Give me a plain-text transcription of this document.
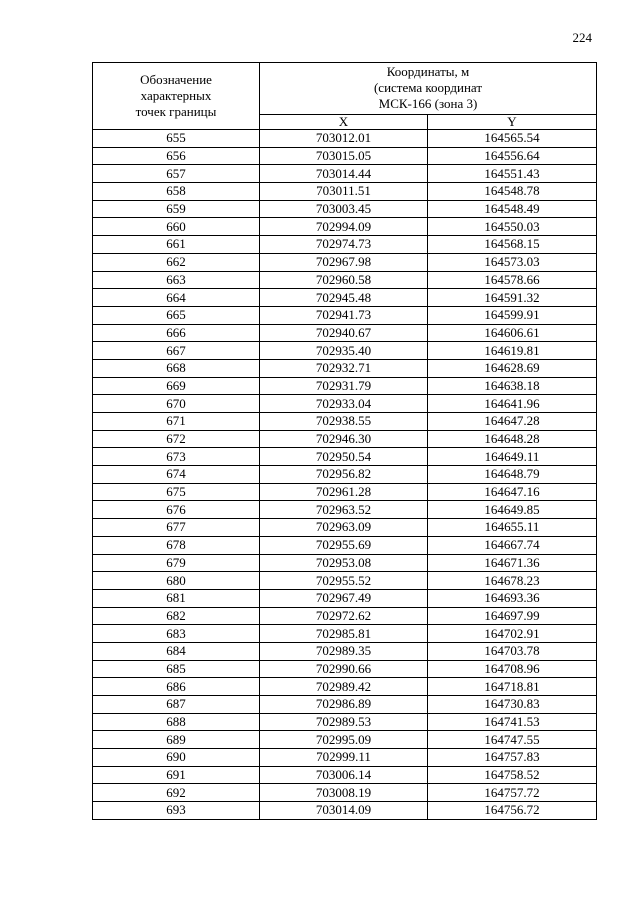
224
Обозначение
характерных
точек границы	Координаты, м
(система координат
МСК-166 (зона 3)	

	X	Y
655	703012.01	164565.54
656	703015.05	164556.64
657	703014.44	164551.43
658	703011.51	164548.78
659	703003.45	164548.49
660	702994.09	164550.03
661	702974.73	164568.15
662	702967.98	164573.03
663	702960.58	164578.66
664	702945.48	164591.32
665	702941.73	164599.91
666	702940.67	164606.61
667	702935.40	164619.81
668	702932.71	164628.69
669	702931.79	164638.18
670	702933.04	164641.96
671	702938.55	164647.28
672	702946.30	164648.28
673	702950.54	164649.11
674	702956.82	164648.79
675	702961.28	164647.16
676	702963.52	164649.85
677	702963.09	164655.11
678	702955.69	164667.74
679	702953.08	164671.36
680	702955.52	164678.23
681	702967.49	164693.36
682	702972.62	164697.99
683	702985.81	164702.91
684	702989.35	164703.78
685	702990.66	164708.96
686	702989.42	164718.81
687	702986.89	164730.83
688	702989.53	164741.53
689	702995.09	164747.55
690	702999.11	164757.83
691	703006.14	164758.52
692	703008.19	164757.72
693	703014.09	164756.72
